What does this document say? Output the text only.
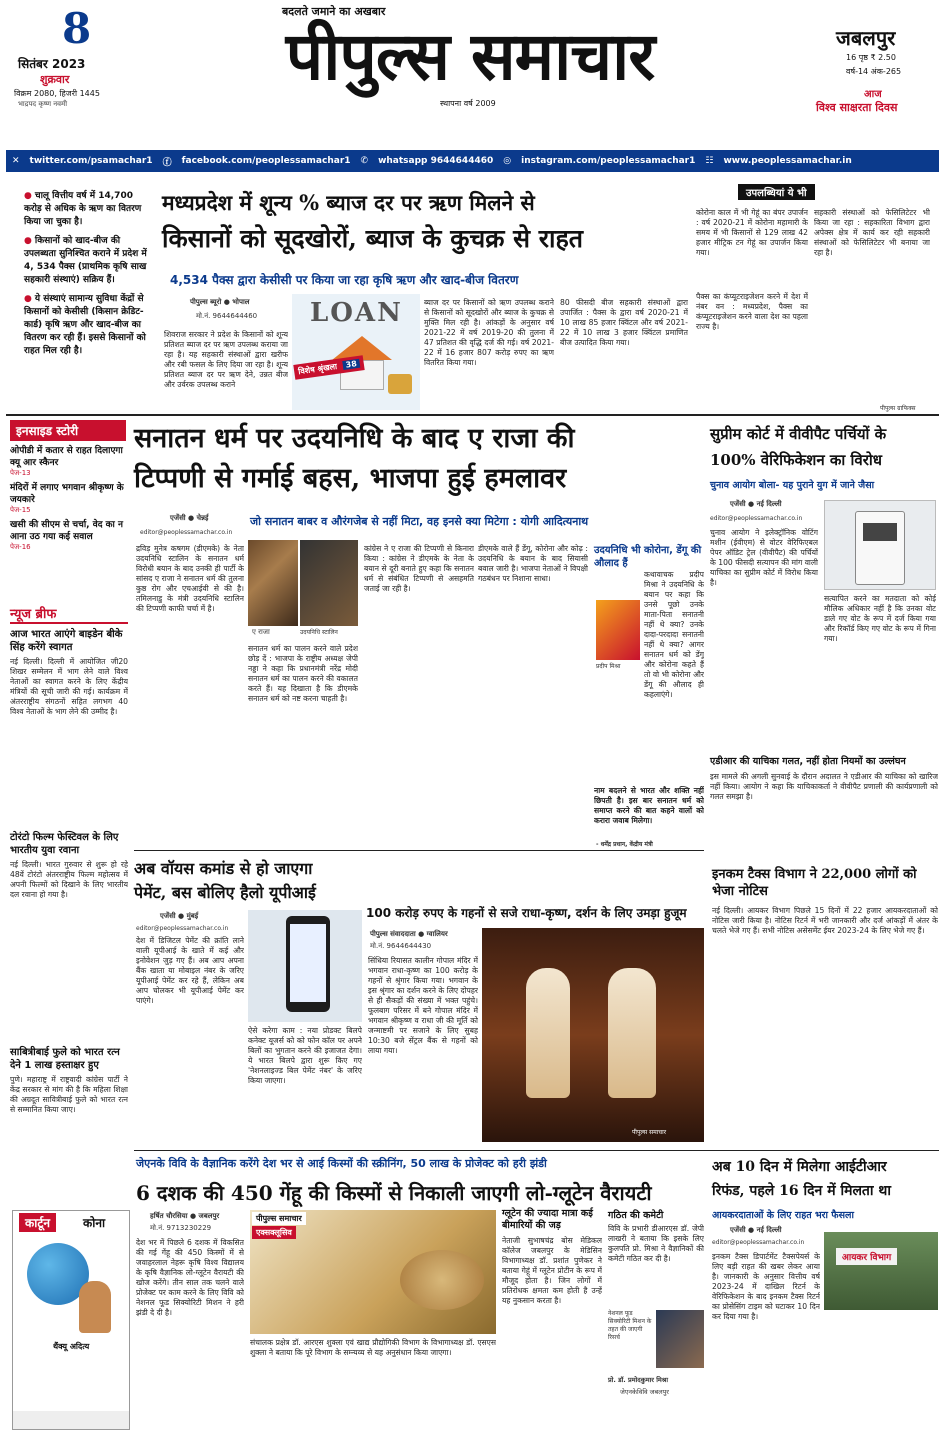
8
सितंबर 2023
शुक्रवार
विक्रम 2080, हिजरी 1445
भाद्रपद कृष्ण नवमी
बदलते जमाने का अखबार
पीपुल्स समाचार
स्थापना वर्ष 2009
जबलपुर
16 पृष्ठ ₹ 2.50
वर्ष-14 अंक-265
आज
विश्व साक्षरता दिवस
✕ twitter.com/psamachar1 ⓕ facebook.com/peoplessamachar1 ✆ whatsapp 9644644460 ◎ instagram.com/peoplessamachar1 ☷ www.peoplessamachar.in
● चालू वित्तीय वर्ष में 14,700 करोड़ से अधिक के ऋण का वितरण किया जा चुका है।
● किसानों को खाद-बीज की उपलब्धता सुनिश्चित कराने में प्रदेश में 4, 534 पैक्स (प्राथमिक कृषि साख सहकारी संस्थाएं) सक्रिय हैं।
● ये संस्थाएं सामान्य सुविधा केंद्रों से किसानों को केसीसी (किसान क्रेडिट-कार्ड) कृषि ऋण और खाद-बीज का वितरण कर रही हैं। इससे किसानों को राहत मिल रही है।
मध्यप्रदेश में शून्य % ब्याज दर पर ऋण मिलने से
किसानों को सूदखोरों, ब्याज के कुचक्र से राहत
4,534 पैक्स द्वारा केसीसी पर किया जा रहा कृषि ऋण और खाद-बीज वितरण
पीपुल्स ब्यूरो ● भोपाल
मो.नं. 9644644460 LOAN
विशेष श्रृंखला 38
शिवराज सरकार ने प्रदेश के किसानों को शून्य प्रतिशत ब्याज दर पर ऋण उपलब्ध कराया जा रहा है। यह सहकारी संस्थाओं द्वारा खरीफ और रबी फसल के लिए दिया जा रहा है। शून्य प्रतिशत ब्याज दर पर ऋण देने, उन्नत बीज और उर्वरक उपलब्ध कराने
ब्याज दर पर किसानों को ऋण उपलब्ध कराने से किसानों को सूदखोरों और ब्याज के कुचक्र से मुक्ति मिल रही है। आंकड़ों के अनुसार वर्ष 2021-22 में वर्ष 2019-20 की तुलना में 47 प्रतिशत की वृद्धि दर्ज की गई। वर्ष 2021-22 में 16 हजार 807 करोड़ रुपए का ऋण वितरित किया गया।
80 फीसदी बीज सहकारी संस्थाओं द्वारा उपार्जित : पैक्स के द्वारा वर्ष 2020-21 में 10 लाख 85 हजार क्विंटल और वर्ष 2021-22 में 10 लाख 3 हजार क्विंटल प्रमाणित बीज उत्पादित किया गया।
उपलब्धियां ये भी
कोरोना काल में भी गेहूं का बंपर उपार्जन : वर्ष 2020-21 में कोरोना महामारी के समय में भी किसानों से 129 लाख 42 हजार मीट्रिक टन गेहूं का उपार्जन किया गया।
पैक्स का कंप्यूटराइजेशन करने में देश में नंबर वन : मध्यप्रदेश, पैक्स का कंप्यूटराइजेशन करने वाला देश का पहला राज्य है।
सहकारी संस्थाओं को फेसिलिटेटर भी किया जा रहा : सहकारिता विभाग द्वारा अपेक्स क्षेत्र में कार्य कर रही सहकारी संस्थाओं को फेसिलिटेटर भी बनाया जा रहा है।
पीपुल्स ग्राफिक्स
इनसाइड स्टोरी
ओपीडी में कतार से राहत दिलाएगा क्यू आर स्कैनर
पेज-13
मंदिरों में लगाए भगवान श्रीकृष्ण के जयकारे
पेज-15
खसी की सीएम से चर्चा, वेद का न आना उठ गया कई सवाल
पेज-16
न्यूज ब्रीफ
आज भारत आएंगे बाइडेन बीके सिंह करेंगे स्वागत
नई दिल्ली। दिल्ली में आयोजित जी20 शिखर सम्मेलन में भाग लेने वाले विश्व नेताओं का स्वागत करने के लिए केंद्रीय मंत्रियों की सूची जारी की गई। कार्यक्रम में अंतरराष्ट्रीय संगठनों सहित लगभग 40 विश्व नेताओं के भाग लेने की उम्मीद है।
टोरंटो फिल्म फेस्टिवल के लिए भारतीय युवा रवाना
नई दिल्ली। भारत गुरुवार से शुरू हो रहे 48वें टोरंटो अंतरराष्ट्रीय फिल्म महोत्सव में अपनी फिल्मों को दिखाने के लिए भारतीय दल रवाना हो गया है।
साबित्रीबाई फुले को भारत रत्न देने 1 लाख हस्ताक्षर हुए
पुणे। महाराष्ट्र में राष्ट्रवादी कांग्रेस पार्टी ने केंद्र सरकार से मांग की है कि महिला शिक्षा की अग्रदूत सावित्रीबाई फुले को भारत रत्न से सम्मानित किया जाए।
कार्टून	कोना
थैंक्यू अदित्य
सनातन धर्म पर उदयनिधि के बाद ए राजा की
टिप्पणी से गर्माई बहस, भाजपा हुई हमलावर
एजेंसी ● चेन्नई
editor@peoplessamachar.co.in
जो सनातन बाबर व औरंगजेब से नहीं मिटा, वह इनसे क्या मिटेगा : योगी आदित्यनाथ
द्रविड़ मुनेत्र कषगम (डीएमके) के नेता उदयनिधि स्टालिन के सनातन धर्म विरोधी बयान के बाद उनकी ही पार्टी के सांसद ए राजा ने सनातन धर्म की तुलना कुष्ठ रोग और एचआईवी से की है। तमिलनाडु के मंत्री उदयनिधि स्टालिन की टिप्पणी काफी चर्चा में है।
ए राजा	उदयनिधि स्टालिन
सनातन धर्म का पालन करने वाले प्रदेश छोड़ दें : भाजपा के राष्ट्रीय अध्यक्ष जेपी नड्डा ने कहा कि प्रधानमंत्री नरेंद्र मोदी सनातन धर्म का पालन करने की वकालत करते हैं। यह दिखाता है कि डीएमके सनातन धर्म को नष्ट करना चाहती है।
कांग्रेस ने ए राजा की टिप्पणी से किनारा किया : कांग्रेस ने डीएमके के नेता के बयान से दूरी बनाते हुए कहा कि सनातन धर्म से संबंधित टिप्पणी से असहमति जताई जा रही है।
डीएमके वाले हैं डेंगू, कोरोना और कोढ़ : उदयनिधि के बयान के बाद सियासी बवाल जारी है। भाजपा नेताओं ने विपक्षी गठबंधन पर निशाना साधा।
उदयनिधि भी कोरोना, डेंगू की औलाद हैं
प्रदीप मिश्रा
कथावाचक प्रदीप मिश्रा ने उदयनिधि के बयान पर कहा कि उनसे पूछो उनके माता-पिता सनातनी नहीं थे क्या? उनके दादा-परदादा सनातनी नहीं थे क्या? आगर सनातन धर्म को डेंगू और कोरोना कहते हैं तो वो भी कोरोना और डेंगू की औलाद ही कहलाएंगे।
नाम बदलने से भारत और शक्ति नहीं छिपती है। इस बार सनातन धर्म को समाप्त करने की बात कहने वालों को करारा जवाब मिलेगा।
- धर्मेंद्र प्रधान, केंद्रीय मंत्री
सुप्रीम कोर्ट में वीवीपैट पर्चियों के
100% वेरिफिकेशन का विरोध
चुनाव आयोग बोला- यह पुराने युग में जाने जैसा
एजेंसी ● नई दिल्ली
editor@peoplessamachar.co.in
चुनाव आयोग ने इलेक्ट्रॉनिक वोटिंग मशीन (ईवीएम) से वोटर वेरिफिएबल पेपर ऑडिट ट्रेल (वीवीपैट) की पर्चियों के 100 फीसदी सत्यापन की मांग वाली याचिका का सुप्रीम कोर्ट में विरोध किया है।
सत्यापित करने का मतदाता को कोई मौलिक अधिकार नहीं है कि उनका वोट डाले गए वोट के रूप में दर्ज किया गया और रिकॉर्ड किए गए वोट के रूप में गिना गया।
एडीआर की याचिका गलत, नहीं होता नियमों का उल्लंघन
इस मामले की अगली सुनवाई के दौरान अदालत ने एडीआर की याचिका को खारिज नहीं किया। आयोग ने कहा कि याचिकाकर्ता ने वीवीपैट प्रणाली की कार्यप्रणाली को गलत समझा है।
अब वॉयस कमांड से हो जाएगा
पेमेंट, बस बोलिए हैलो यूपीआई
एजेंसी ● मुंबई
editor@peoplessamachar.co.in
देश में डिजिटल पेमेंट की क्रांति लाने वाली यूपीआई के खाते में कई और इनोवेशन जुड़ गए हैं। अब आप अपना बैंक खाता या मोबाइल नंबर के जरिए यूपीआई पेमेंट कर रहे हैं, लेकिन अब आप चोलकर भी यूपीआई पेमेंट कर पाएंगे।
ऐसे करेगा काम : नया प्रोडक्ट बिलपे कनेक्ट यूजर्स को को फोन कॉल पर अपने बिलों का भुगतान करने की इजाजत देगा। ये भारत बिलपे द्वारा शुरू किए गए 'नेशनलाइज्ड बिल पेमेंट नंबर' के जरिए किया जाएगा।
100 करोड़ रुपए के गहनों से सजे राधा-कृष्ण, दर्शन के लिए उमड़ा हुजूम
पीपुल्स संवाददाता ● ग्वालियर
मो.नं. 9644644430
सिंधिया रियासत कालीन गोपाल मंदिर में भगवान राधा-कृष्ण का 100 करोड़ के गहनों से श्रृंगार किया गया। भगवान के इस श्रृंगार का दर्शन करने के लिए दोपहर से ही सैकड़ों की संख्या में भक्त पहुंचे। फूलबाग परिसर में बने गोपाल मंदिर में भगवान श्रीकृष्ण व राधा जी की मूर्ति को जन्माष्टमी पर सजाने के लिए सुबह 10:30 बजे सेंट्रल बैंक से गहनों को लाया गया।
पीपुल्स समाचार
इनकम टैक्स विभाग ने 22,000 लोगों को भेजा नोटिस
नई दिल्ली। आयकर विभाग पिछले 15 दिनों में 22 हजार आयकरदाताओं को नोटिस जारी किया है। नोटिस रिटर्न में भरी जानकारी और दर्ज आंकड़ों में अंतर के चलते भेजे गए हैं। सभी नोटिस असेसमेंट ईयर 2023-24 के लिए भेजे गए हैं।
जेएनके विवि के वैज्ञानिक करेंगे देश भर से आई किस्मों की स्क्रीनिंग, 50 लाख के प्रोजेक्ट को हरी झंडी
6 दशक की 450 गेंहू की किस्मों से निकाली जाएगी लो-ग्लूटेन वैरायटी
हर्षित चौरसिया ● जबलपुर
मो.नं. 9713230229
देश भर में पिछले 6 दशक में विकसित की गई गेंहू की 450 किस्मों में से जवाहरलाल नेहरू कृषि विश्व विद्यालय के कृषि वैज्ञानिक लो-ग्लूटेन वैरायटी की खोज करेंगे। तीन साल तक चलने वाले प्रोजेक्ट पर काम करने के लिए विवि को नेशनल फूड सिक्योरिटी मिशन ने हरी झंडी दे दी है।
पीपुल्स समाचार
एक्सक्लूसिव
संचालक प्रक्षेत्र डॉ. आरएस शुक्ला एवं खाद्य प्रौद्योगिकी विभाग के विभागाध्यक्ष डॉ. एसएस शुक्ला ने बताया कि पूरे विभाग के सम्न्यव्य से यह अनुसंधान किया जाएगा।
ग्लूटेन की ज्यादा मात्रा कई बीमारियों की जड़
नेताजी सुभाषचंद्र बोस मेडिकल कॉलेज जबलपुर के मेडिसिन विभागाध्यक्ष डॉ. प्रशांत पुणेकर ने बताया गेहूं में ग्लूटेन प्रोटीन के रूप में मौजूद होता है। जिन लोगों में प्रतिरोधक क्षमता कम होती है उन्हें यह नुकसान करता है।
गठित की कमेटी
विवि के प्रभारी डीआरएस डॉ. जेपी लाखरी ने बताया कि इसके लिए कुलपति प्रो. मिश्रा ने वैज्ञानिकों की कमेटी गठित कर दी है।
नेशनल फूड सिक्योरिटी मिशन के तहत की जाएगी रिसर्च
प्रो. डॉ. प्रमोदकुमार मिश्रा
जेएनकेविवि जबलपुर
अब 10 दिन में मिलेगा आईटीआर
रिफंड, पहले 16 दिन में मिलता था
आयकरदाताओं के लिए राहत भरा फैसला
एजेंसी ● नई दिल्ली
editor@peoplessamachar.co.in
इनकम टैक्स डिपार्टमेंट टैक्सपेयर्स के लिए बड़ी राहत की खबर लेकर आया है। जानकारी के अनुसार वित्तीय वर्ष 2023-24 में दाखिल रिटर्न के वेरिफिकेशन के बाद इनकम टैक्स रिटर्न का प्रोसेसिंग टाइम को घटाकर 10 दिन कर दिया गया है।
आयकर विभाग
